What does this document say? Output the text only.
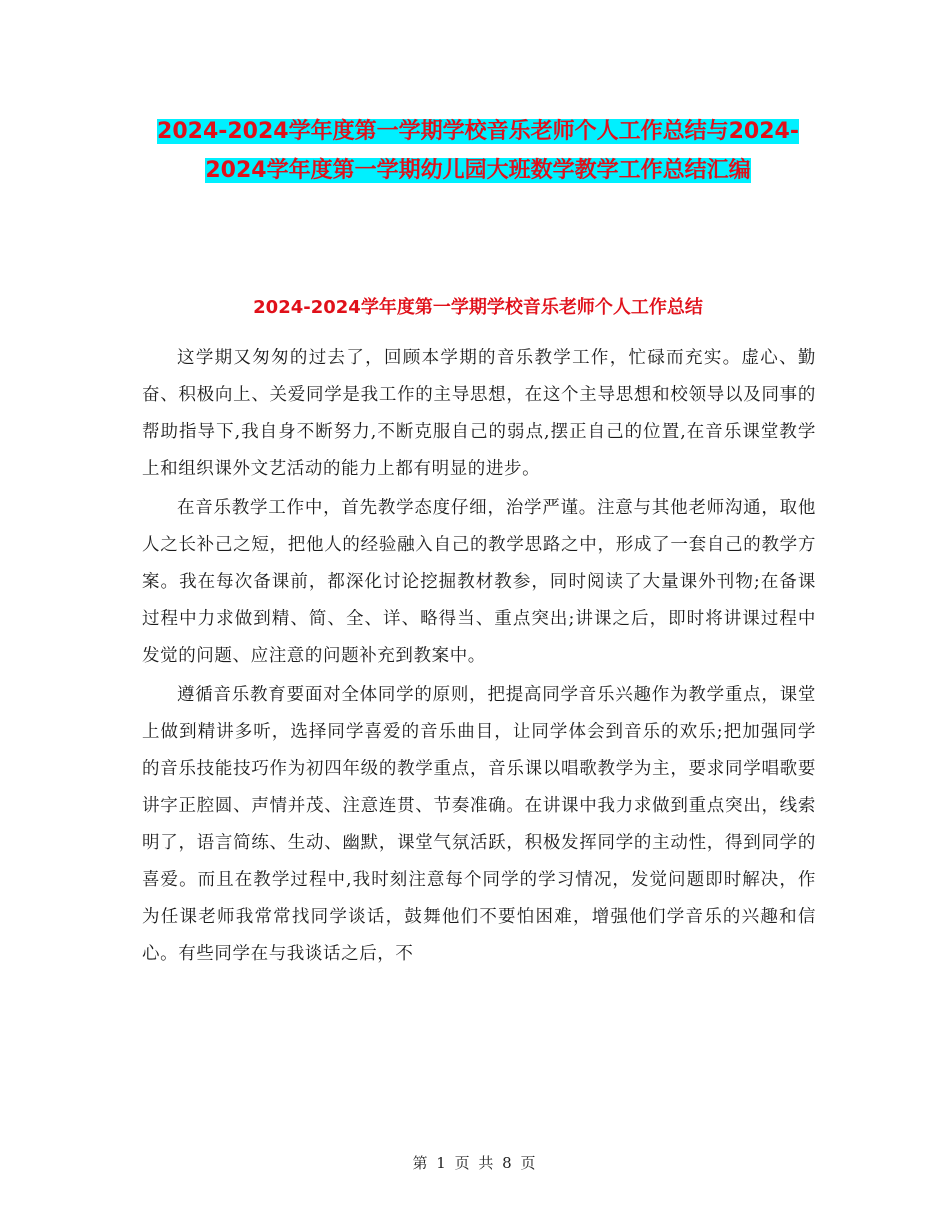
2024-2024学年度第一学期学校音乐老师个人工作总结与2024-2024学年度第一学期幼儿园大班数学教学工作总结汇编
2024-2024学年度第一学期学校音乐老师个人工作总结

这学期又匆匆的过去了，回顾本学期的音乐教学工作，忙碌而充实。虚心、勤奋、积极向上、关爱同学是我工作的主导思想，在这个主导思想和校领导以及同事的帮助指导下,我自身不断努力,不断克服自己的弱点,摆正自己的位置,在音乐课堂教学上和组织课外文艺活动的能力上都有明显的进步。

在音乐教学工作中，首先教学态度仔细，治学严谨。注意与其他老师沟通，取他人之长补己之短，把他人的经验融入自己的教学思路之中，形成了一套自己的教学方案。我在每次备课前，都深化讨论挖掘教材教参，同时阅读了大量课外刊物;在备课过程中力求做到精、简、全、详、略得当、重点突出;讲课之后，即时将讲课过程中发觉的问题、应注意的问题补充到教案中。

遵循音乐教育要面对全体同学的原则，把提高同学音乐兴趣作为教学重点，课堂上做到精讲多听，选择同学喜爱的音乐曲目，让同学体会到音乐的欢乐;把加强同学的音乐技能技巧作为初四年级的教学重点，音乐课以唱歌教学为主，要求同学唱歌要讲字正腔圆、声情并茂、注意连贯、节奏准确。在讲课中我力求做到重点突出，线索明了，语言简练、生动、幽默，课堂气氛活跃，积极发挥同学的主动性，得到同学的喜爱。而且在教学过程中,我时刻注意每个同学的学习情况，发觉问题即时解决，作为任课老师我常常找同学谈话，鼓舞他们不要怕困难，增强他们学音乐的兴趣和信心。有些同学在与我谈话之后，不

第 1 页 共 8 页
